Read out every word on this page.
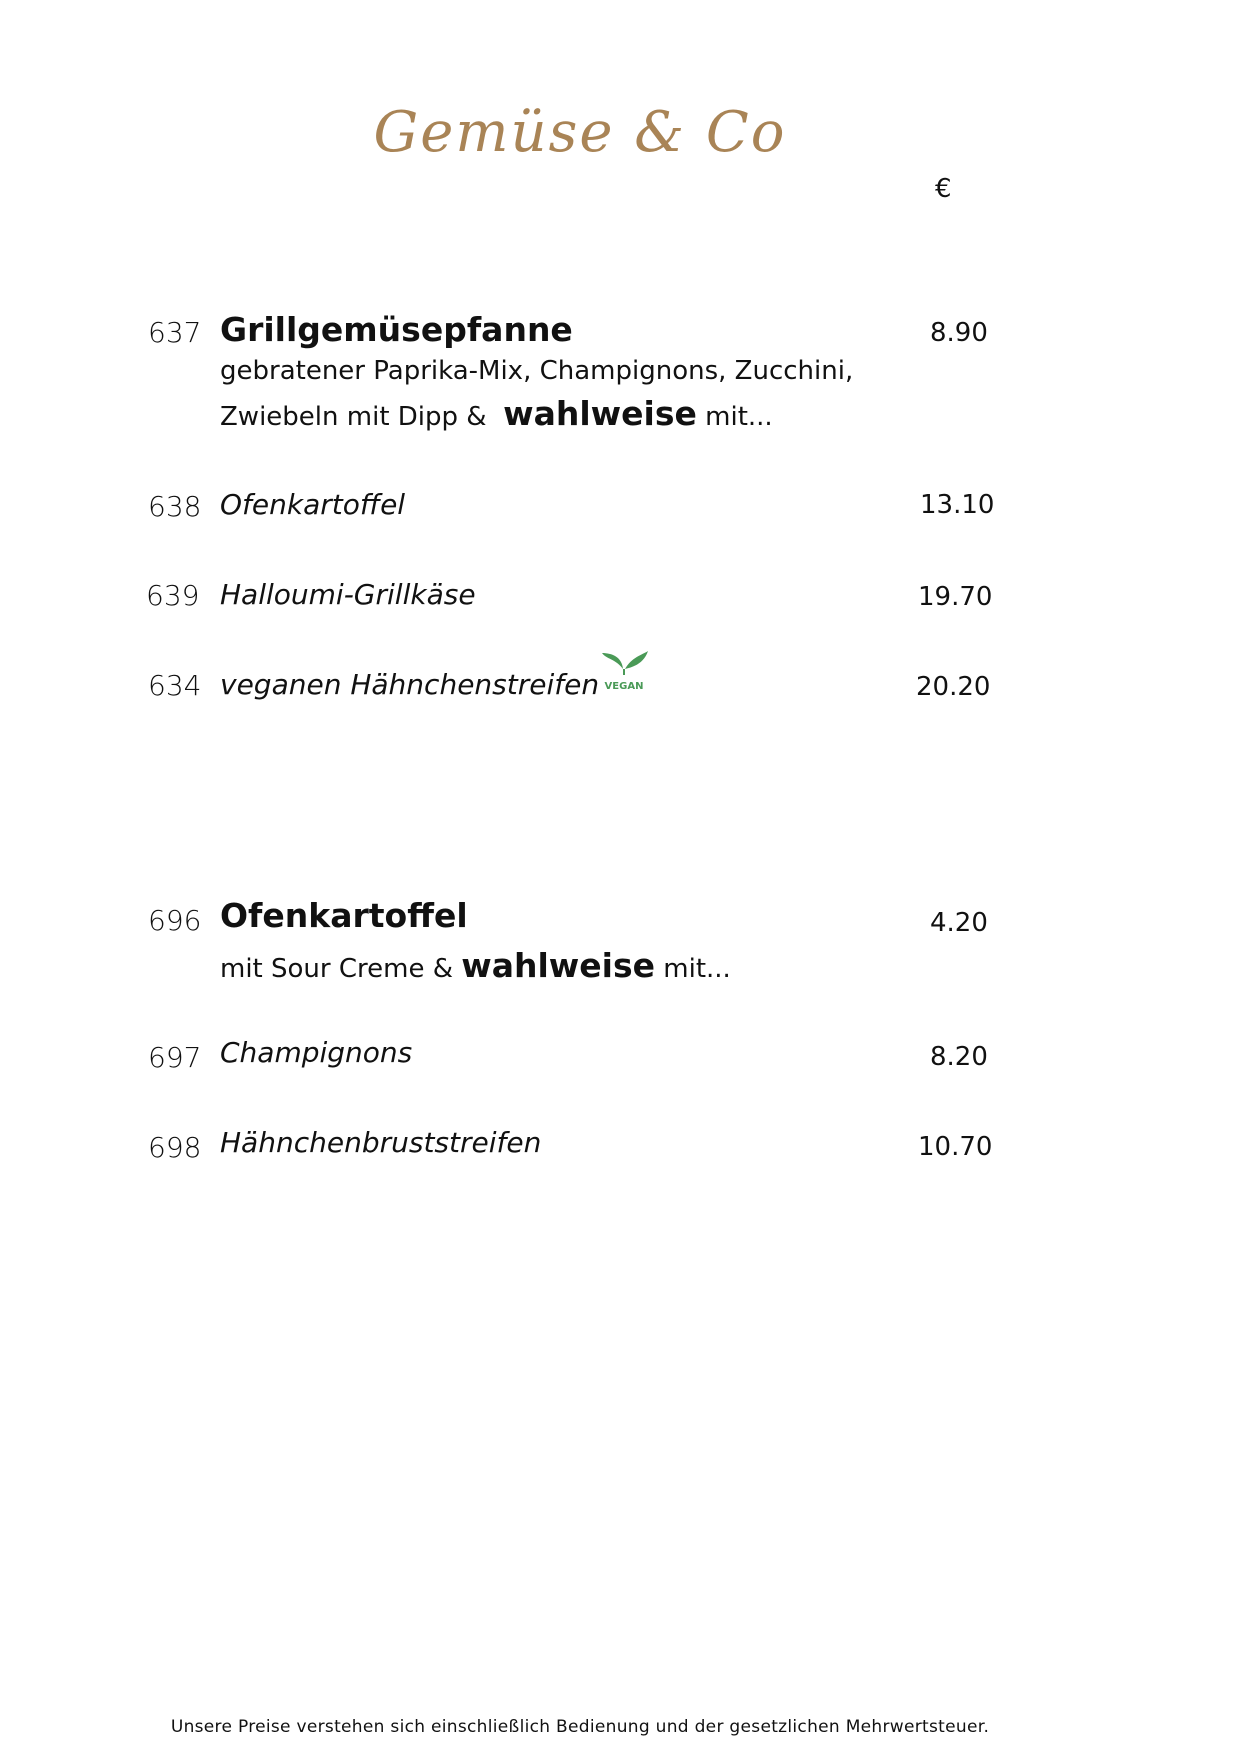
Gemüse & Co
€
637 Grillgemüsepfanne	8.90
gebratener Paprika-Mix, Champignons, Zucchini,
Zwiebeln mit Dipp & wahlweise mit...
638 Ofenkartoffel	13.10
639 Halloumi-Grillkäse	19.70
634 veganen Hähnchenstreifen VEGAN	20.20
696 Ofenkartoffel	4.20
mit Sour Creme & wahlweise mit...
697 Champignons	8.20
698 Hähnchenbruststreifen	10.70
Unsere Preise verstehen sich einschließlich Bedienung und der gesetzlichen Mehrwertsteuer.
